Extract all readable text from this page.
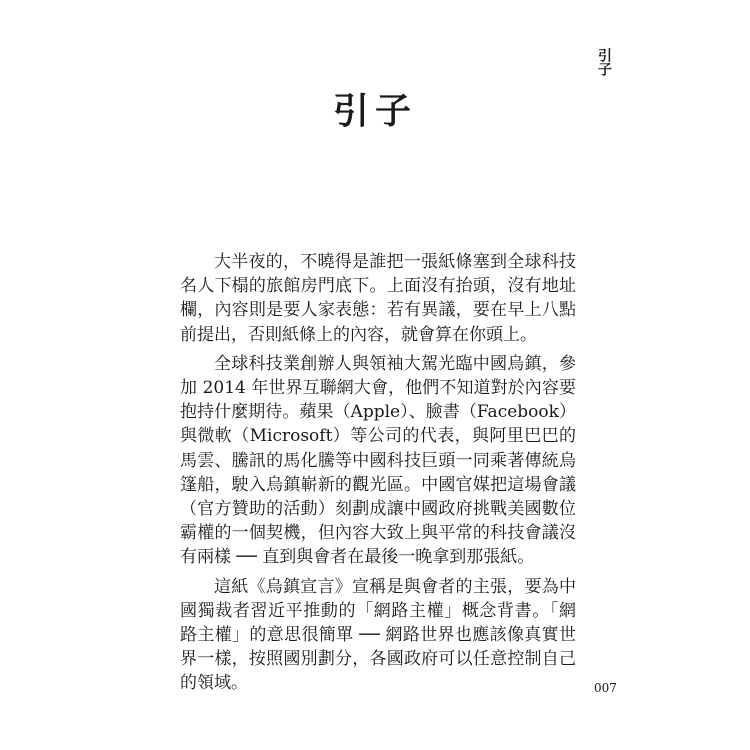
引子
引子

大半夜的，不曉得是誰把一張紙條塞到全球科技名人下榻的旅館房門底下。上面沒有抬頭，沒有地址欄，內容則是要人家表態：若有異議，要在早上八點前提出，否則紙條上的內容，就會算在你頭上。

全球科技業創辦人與領袖大駕光臨中國烏鎮，參加 2014 年世界互聯網大會，他們不知道對於內容要抱持什麼期待。蘋果（Apple）、臉書（Facebook）與微軟（Microsoft）等公司的代表，與阿里巴巴的馬雲、騰訊的馬化騰等中國科技巨頭一同乘著傳統烏篷船，駛入烏鎮嶄新的觀光區。中國官媒把這場會議（官方贊助的活動）刻劃成讓中國政府挑戰美國數位霸權的一個契機，但內容大致上與平常的科技會議沒有兩樣 ── 直到與會者在最後一晚拿到那張紙。

這紙《烏鎮宣言》宣稱是與會者的主張，要為中國獨裁者習近平推動的「網路主權」概念背書。「網路主權」的意思很簡單 ── 網路世界也應該像真實世界一樣，按照國別劃分，各國政府可以任意控制自己的領域。	007
